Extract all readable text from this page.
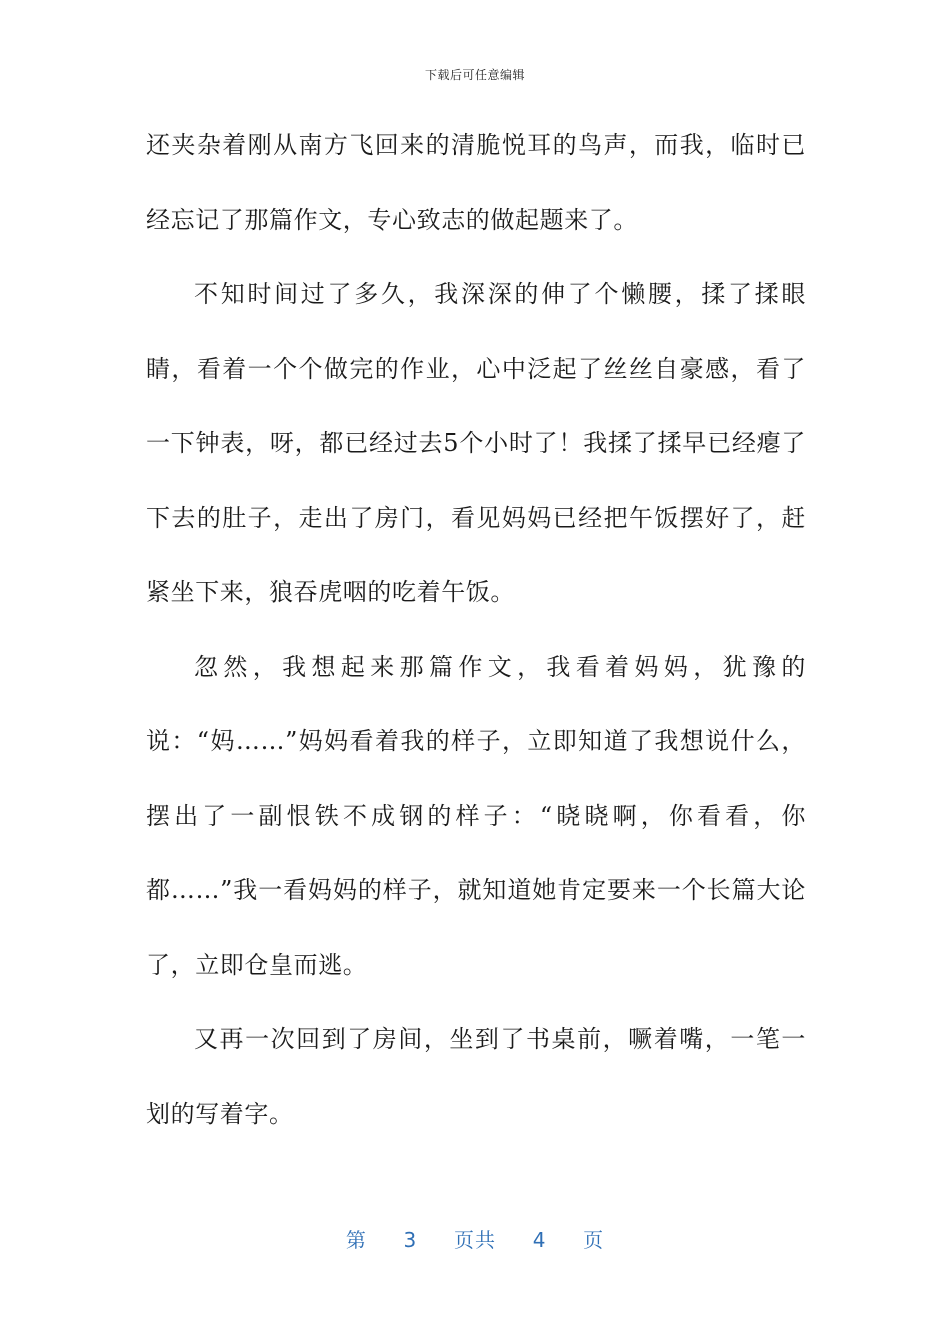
下载后可任意编辑

还夹杂着刚从南方飞回来的清脆悦耳的鸟声，而我，临时已经忘记了那篇作文，专心致志的做起题来了。

不知时间过了多久，我深深的伸了个懒腰，揉了揉眼睛，看着一个个做完的作业，心中泛起了丝丝自豪感，看了一下钟表，呀，都已经过去5个小时了！我揉了揉早已经瘪了下去的肚子，走出了房门，看见妈妈已经把午饭摆好了，赶紧坐下来，狼吞虎咽的吃着午饭。

忽然，我想起来那篇作文，我看着妈妈，犹豫的说：“妈……”妈妈看着我的样子，立即知道了我想说什么，摆出了一副恨铁不成钢的样子：“晓晓啊，你看看，你都……”我一看妈妈的样子，就知道她肯定要来一个长篇大论了，立即仓皇而逃。

又再一次回到了房间，坐到了书桌前，噘着嘴，一笔一划的写着字。

第 3 页共 4 页
